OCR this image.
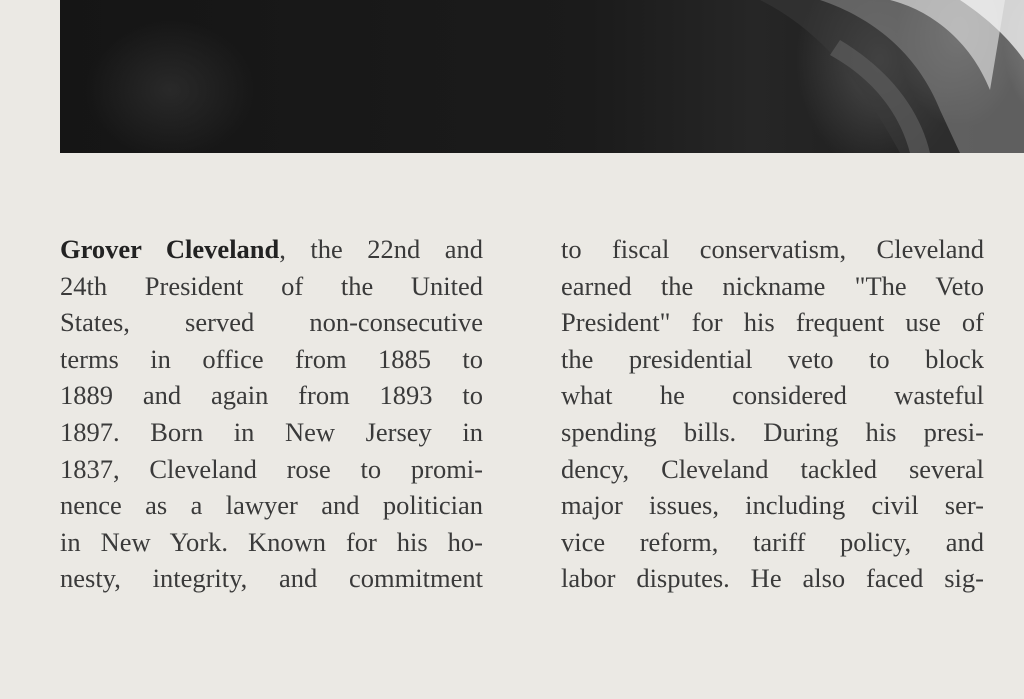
Grover Cleveland, the 22nd and
24th President of the United
States, served non-consecutive
terms in office from 1885 to
1889 and again from 1893 to
1897. Born in New Jersey in
1837, Cleveland rose to promi-
nence as a lawyer and politician
in New York. Known for his ho-
nesty, integrity, and commitment
to fiscal conservatism, Cleveland
earned the nickname "The Veto
President" for his frequent use of
the presidential veto to block
what he considered wasteful
spending bills. During his presi-
dency, Cleveland tackled several
major issues, including civil ser-
vice reform, tariff policy, and
labor disputes. He also faced sig-
